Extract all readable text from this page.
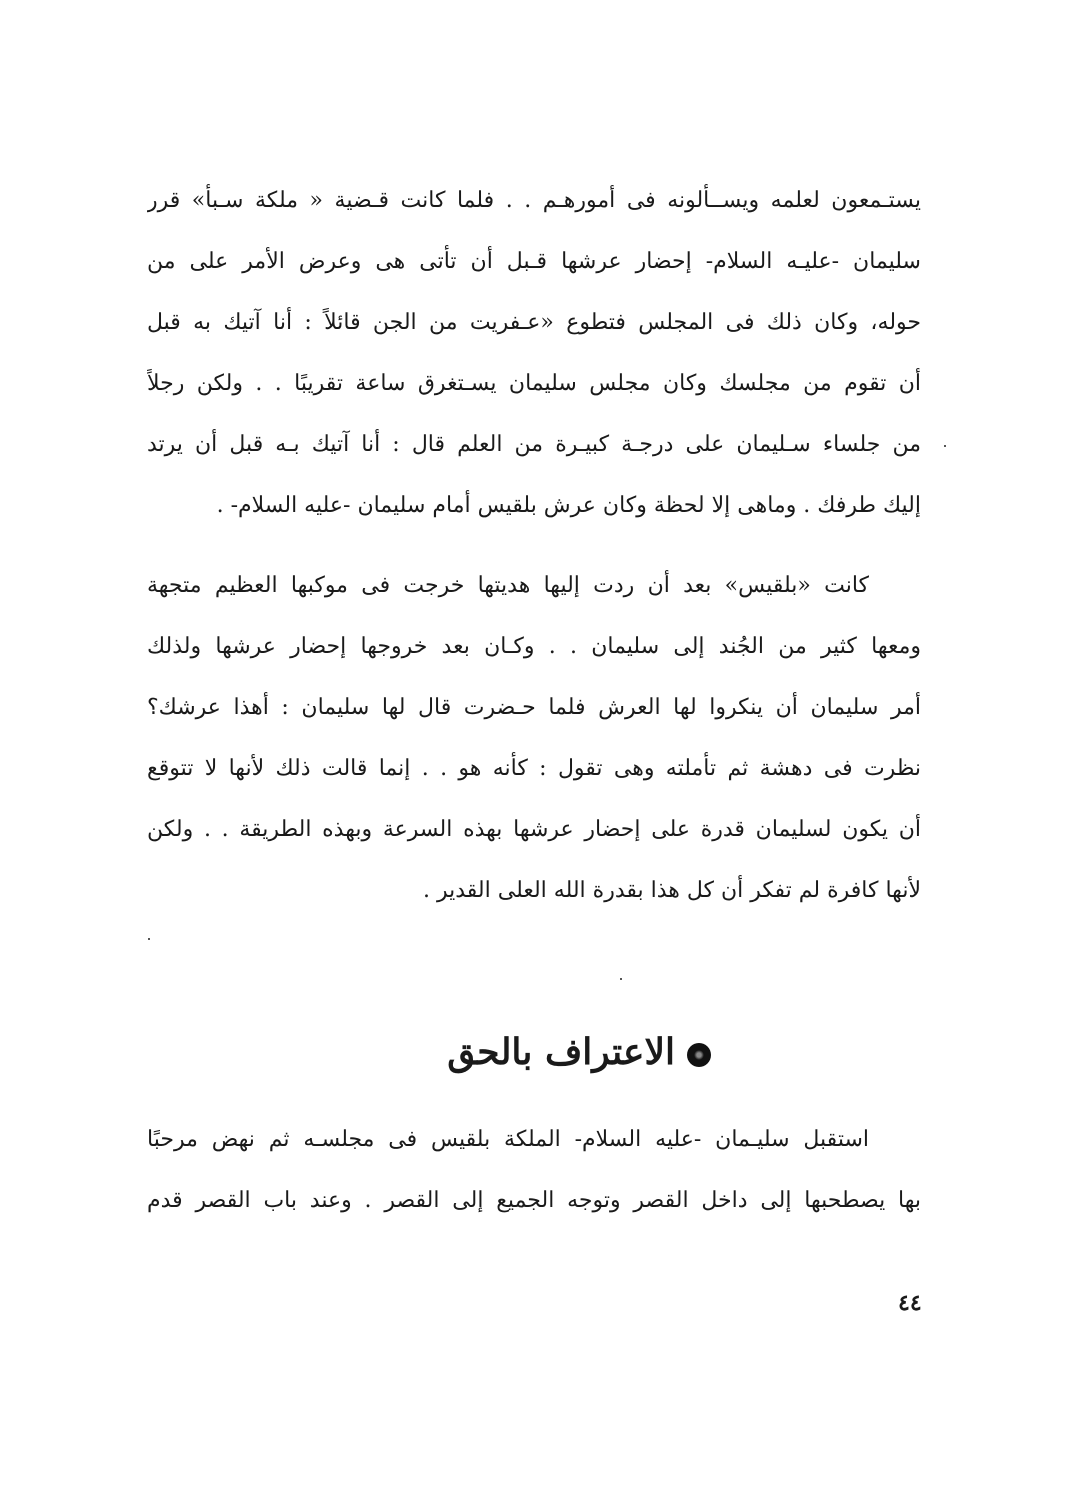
يستـمعون لعلمه ويســألونه فى أمورهـم . . فلما كانت قـضية « ملكة سـبأ» قرر
سليمان -عليـه السلام- إحضار عرشها قـبل أن تأتى هى وعرض الأمر على من
حوله، وكان ذلك فى المجلس فتطوع «عـفريت من الجن قائلاً : أنا آتيك به قبل
أن تقوم من مجلسك وكان مجلس سليمان يسـتغرق ساعة تقريبًا . . ولكن رجلاً
من جلساء سـليمان على درجـة كبيـرة من العلم قال : أنا آتيك بـه قبل أن يرتد
إليك طرفك . وماهى إلا لحظة وكان عرش بلقيس أمام سليمان -عليه السلام- .
كانت «بلقيس» بعد أن ردت إليها هديتها خرجت فى موكبها العظيم متجهة
ومعها كثير من الجُند إلى سليمان . . وكـان بعد خروجها إحضار عرشها ولذلك
أمر سليمان أن ينكروا لها العرش فلما حـضرت قال لها سليمان : أهذا عرشك؟
نظرت فى دهشة ثم تأملته وهى تقول : كأنه هو . . إنما قالت ذلك لأنها لا تتوقع
أن يكون لسليمان قدرة على إحضار عرشها بهذه السرعة وبهذه الطريقة . . ولكن
لأنها كافرة لم تفكر أن كل هذا بقدرة الله العلى القدير .
الاعتراف بالحق
استقبل سليـمان -عليه السلام- الملكة بلقيس فى مجلسـه ثم نهض مرحبًا
بها يصطحبها إلى داخل القصر وتوجه الجميع إلى القصر . وعند باب القصر قدم
٤٤
